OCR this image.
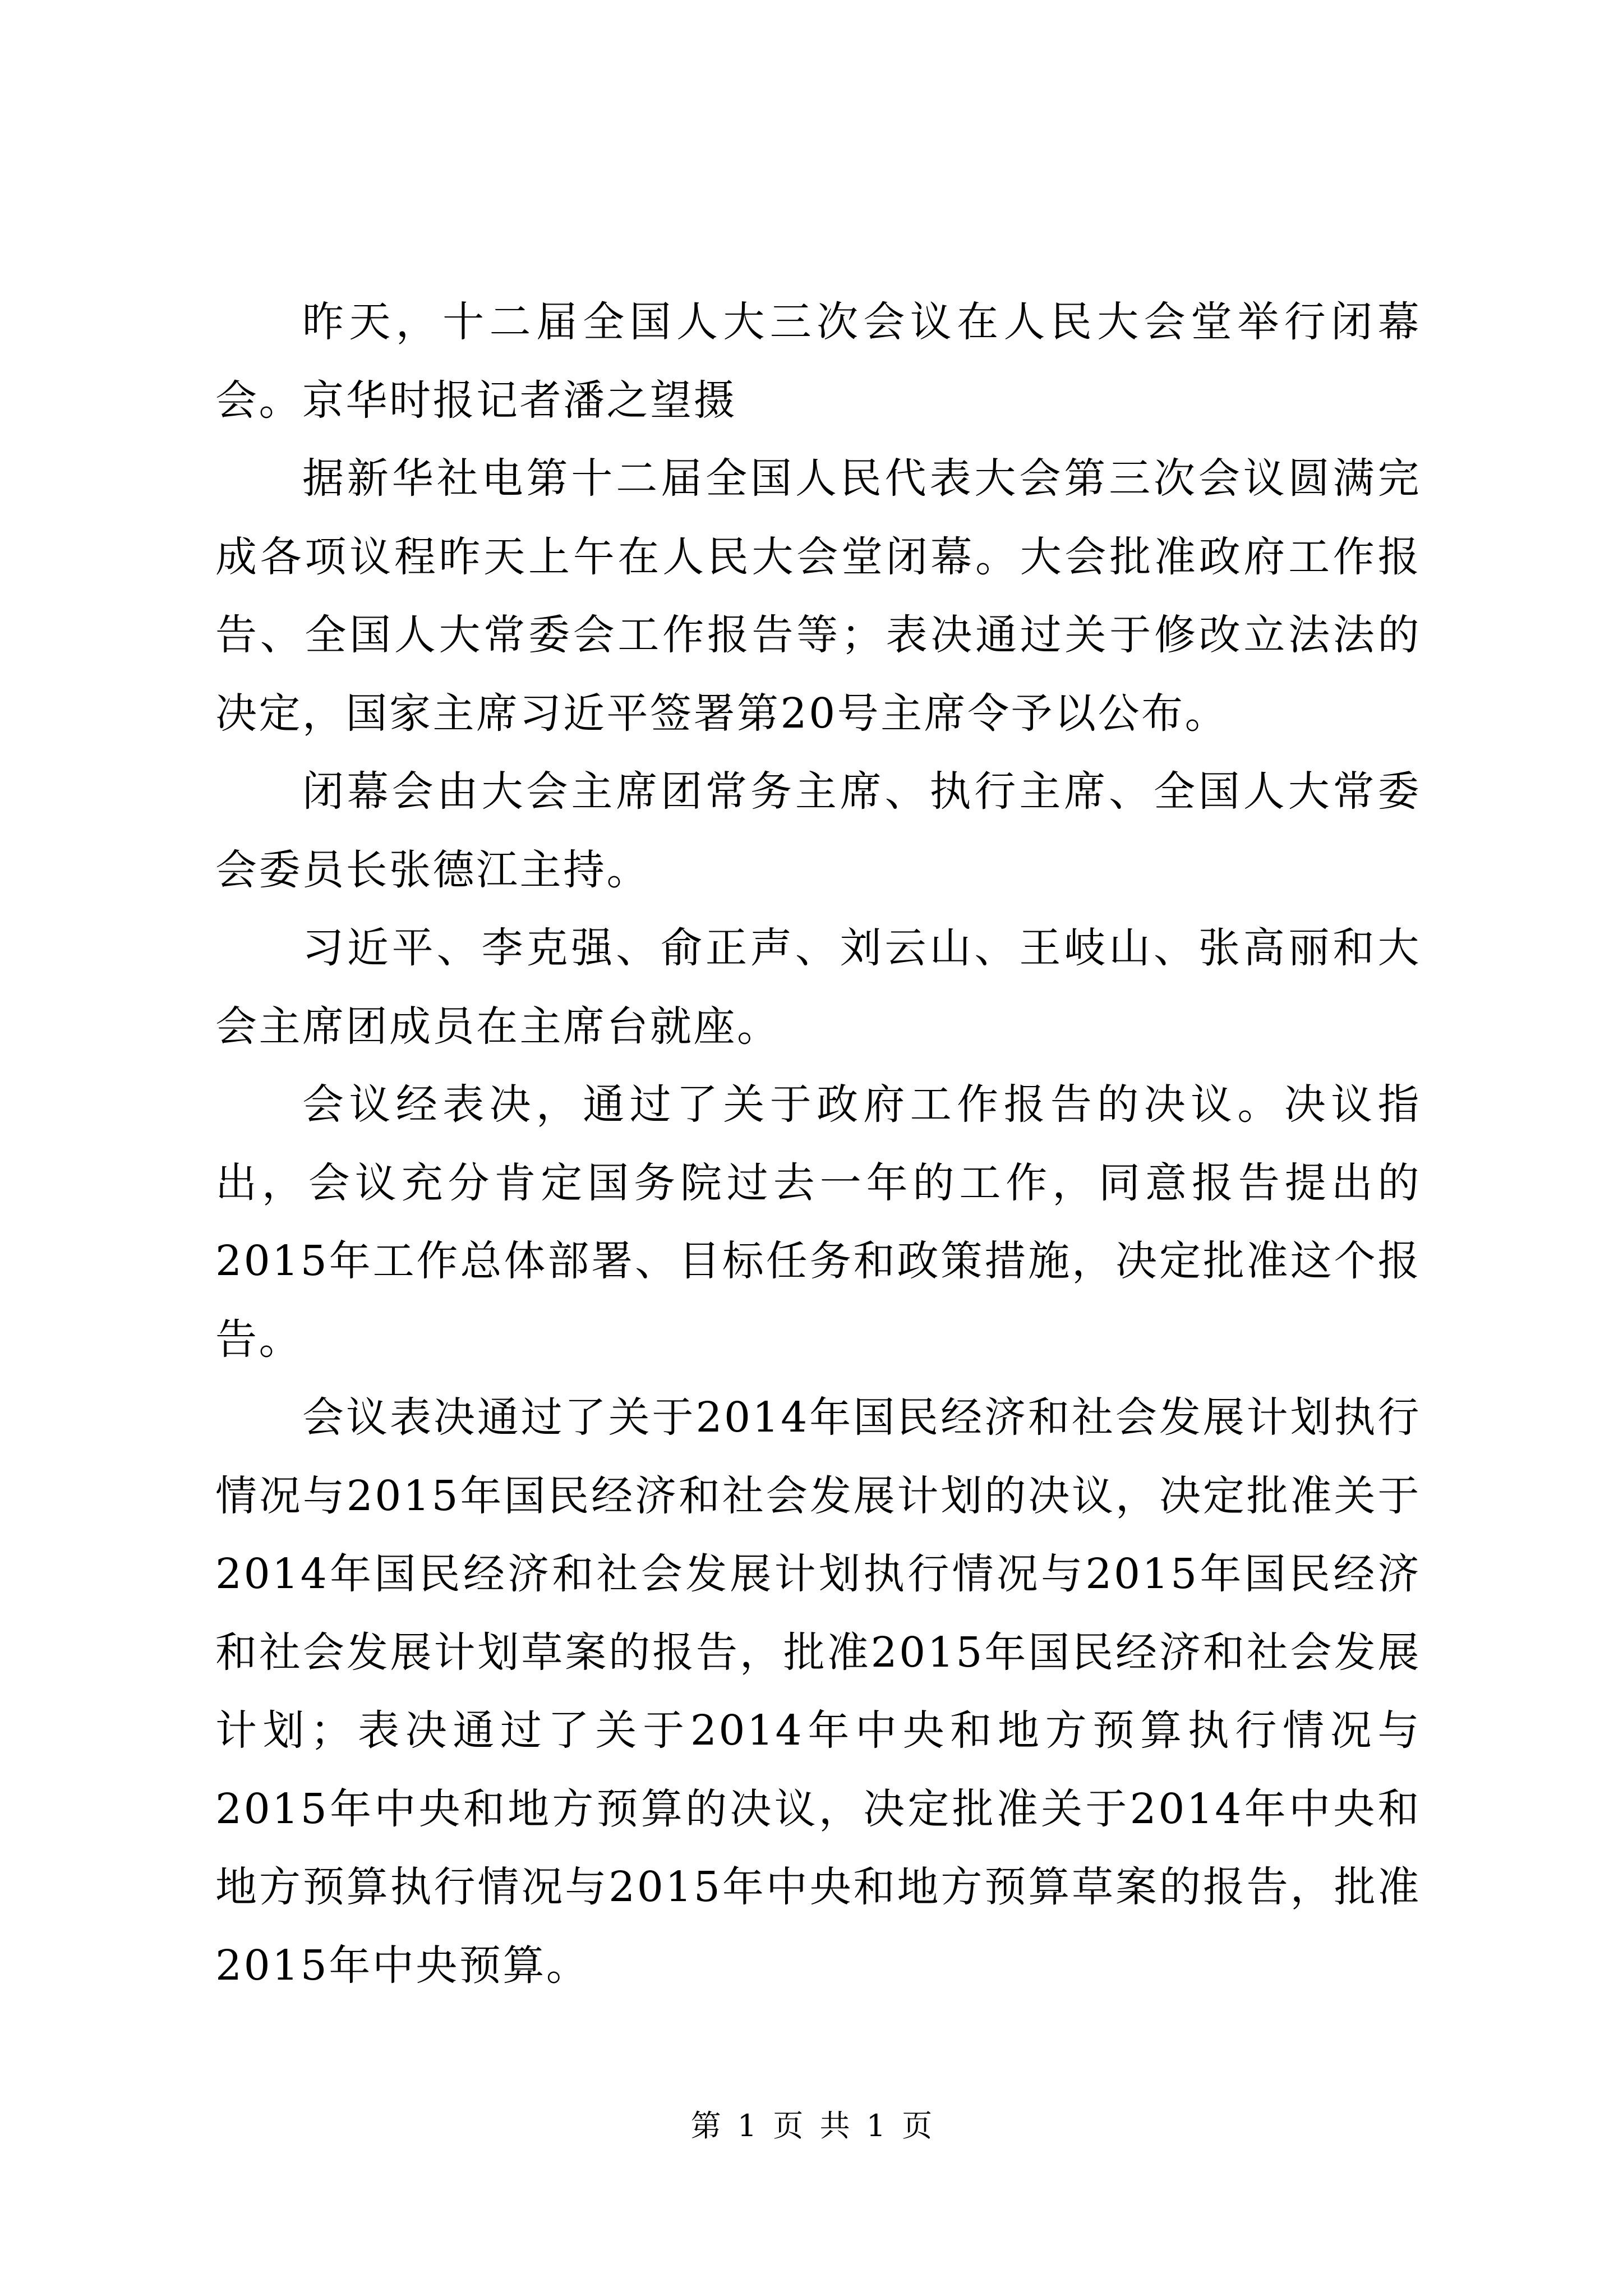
昨天，十二届全国人大三次会议在人民大会堂举行闭幕会。京华时报记者潘之望摄

据新华社电第十二届全国人民代表大会第三次会议圆满完成各项议程昨天上午在人民大会堂闭幕。大会批准政府工作报告、全国人大常委会工作报告等；表决通过关于修改立法法的决定，国家主席习近平签署第20号主席令予以公布。

闭幕会由大会主席团常务主席、执行主席、全国人大常委会委员长张德江主持。

习近平、李克强、俞正声、刘云山、王岐山、张高丽和大会主席团成员在主席台就座。

会议经表决，通过了关于政府工作报告的决议。决议指出，会议充分肯定国务院过去一年的工作，同意报告提出的2015年工作总体部署、目标任务和政策措施，决定批准这个报告。

会议表决通过了关于2014年国民经济和社会发展计划执行情况与2015年国民经济和社会发展计划的决议，决定批准关于2014年国民经济和社会发展计划执行情况与2015年国民经济和社会发展计划草案的报告，批准2015年国民经济和社会发展计划；表决通过了关于2014年中央和地方预算执行情况与2015年中央和地方预算的决议，决定批准关于2014年中央和地方预算执行情况与2015年中央和地方预算草案的报告，批准2015年中央预算。

第 1 页 共 1 页
